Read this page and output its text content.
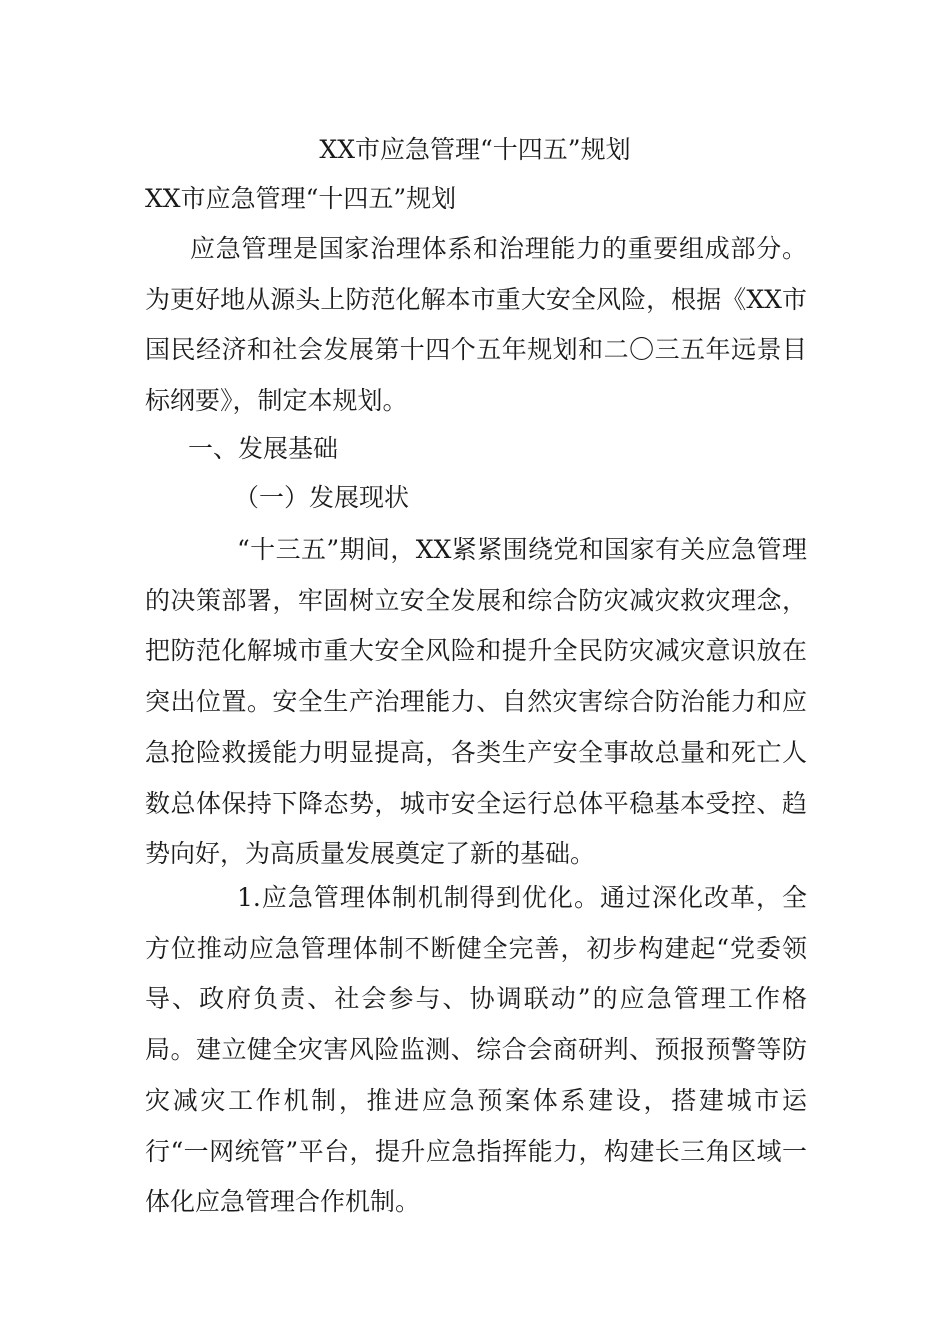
XX市应急管理“十四五”规划

XX市应急管理“十四五”规划

应急管理是国家治理体系和治理能力的重要组成部分。为更好地从源头上防范化解本市重大安全风险，根据《XX市国民经济和社会发展第十四个五年规划和二〇三五年远景目标纲要》，制定本规划。

一、发展基础

（一）发展现状

“十三五”期间，XX紧紧围绕党和国家有关应急管理的决策部署，牢固树立安全发展和综合防灾减灾救灾理念，把防范化解城市重大安全风险和提升全民防灾减灾意识放在突出位置。安全生产治理能力、自然灾害综合防治能力和应急抢险救援能力明显提高，各类生产安全事故总量和死亡人数总体保持下降态势，城市安全运行总体平稳基本受控、趋势向好，为高质量发展奠定了新的基础。

1.应急管理体制机制得到优化。通过深化改革，全方位推动应急管理体制不断健全完善，初步构建起“党委领导、政府负责、社会参与、协调联动”的应急管理工作格局。建立健全灾害风险监测、综合会商研判、预报预警等防灾减灾工作机制，推进应急预案体系建设，搭建城市运行“一网统管”平台，提升应急指挥能力，构建长三角区域一体化应急管理合作机制。
